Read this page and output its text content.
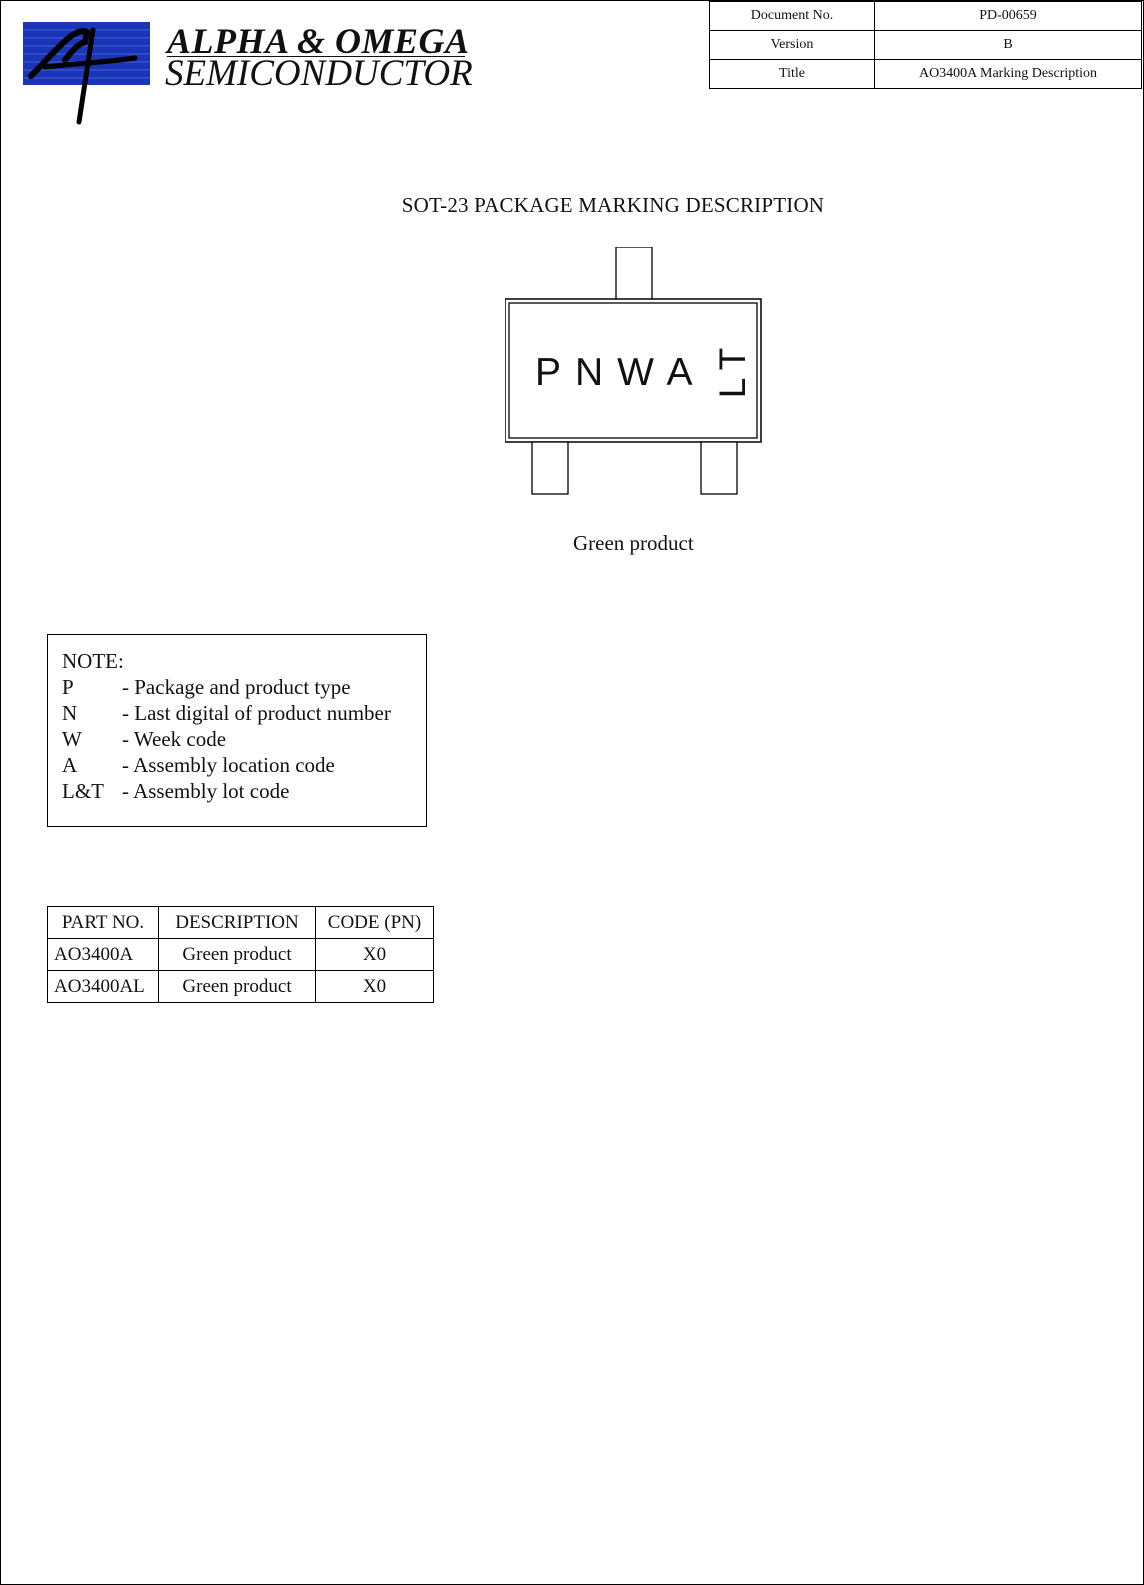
ALPHA & OMEGA
SEMICONDUCTOR
Document No.	PD-00659
Version	B
Title	AO3400A Marking Description
SOT-23 PACKAGE MARKING DESCRIPTION
PNWA LT
Green product
NOTE:
P - Package and product type
N - Last digital of product number
W - Week code
A - Assembly location code
L&T - Assembly lot code
PART NO.	DESCRIPTION	CODE (PN)
AO3400A	Green product	X0
AO3400AL	Green product	X0
